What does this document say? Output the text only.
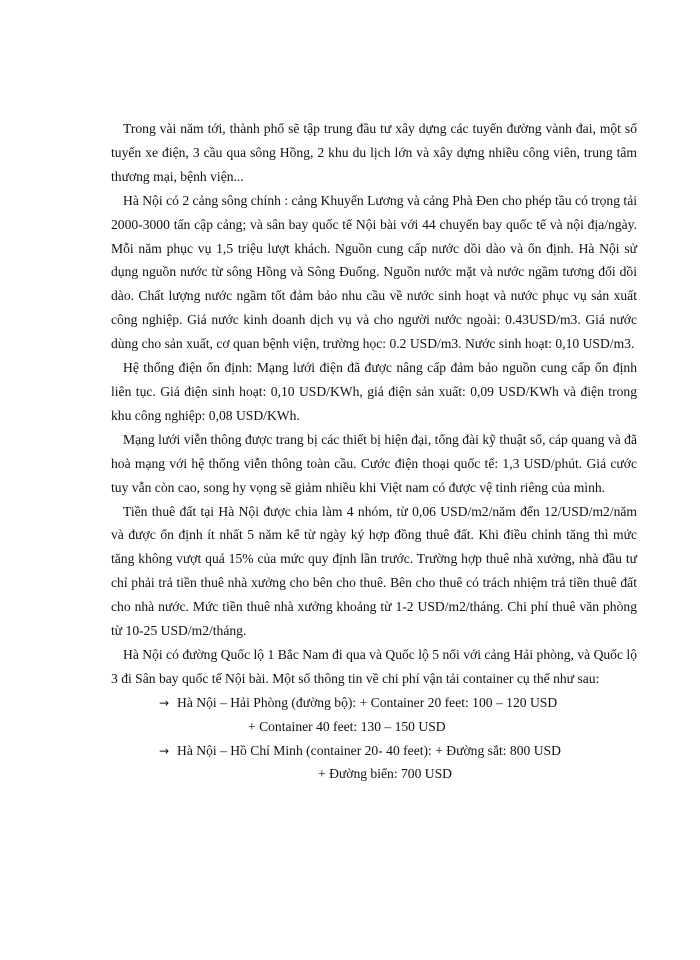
Trong vài năm tới, thành phố sẽ tập trung đầu tư xây dựng các tuyến đường vành đai, một số tuyến xe điện, 3 cầu qua sông Hồng, 2 khu du lịch lớn và xây dựng nhiều công viên, trung tâm thương mại, bệnh viện...

Hà Nội có 2 cảng sông chính : cảng Khuyến Lương và cảng Phà Đen cho phép tầu có trọng tải 2000-3000 tấn cập cảng; và sân bay quốc tế Nội bài với 44 chuyến bay quốc tế và nội địa/ngày. Mỗi năm phục vụ 1,5 triệu lượt khách. Nguồn cung cấp nước dồi dào và ổn định. Hà Nội sử dụng nguồn nước từ sông Hồng và Sông Đuống. Nguồn nước mặt và nước ngầm tương đối dồi dào. Chất lượng nước ngầm tốt đảm bảo nhu cầu về nước sinh hoạt và nước phục vụ sản xuất công nghiệp. Giá nước kinh doanh dịch vụ và cho người nước ngoài: 0.43USD/m3. Giá nước dùng cho sản xuất, cơ quan bệnh viện, trường học: 0.2 USD/m3. Nước sinh hoạt: 0,10 USD/m3.

Hệ thống điện ổn định: Mạng lưới điện đã được nâng cấp đảm bảo nguồn cung cấp ổn định liên tục. Giá điện sinh hoạt: 0,10 USD/KWh, giá điện sản xuất: 0,09 USD/KWh và điện trong khu công nghiệp: 0,08 USD/KWh.

Mạng lưới viễn thông được trang bị các thiết bị hiện đại, tổng đài kỹ thuật số, cáp quang và đã hoà mạng với hệ thống viễn thông toàn cầu. Cước điện thoại quốc tế: 1,3 USD/phút. Giá cước tuy vẫn còn cao, song hy vọng sẽ giảm nhiều khi Việt nam có được vệ tinh riêng của mình.

Tiền thuê đất tại Hà Nội được chia làm 4 nhóm, từ 0,06 USD/m2/năm đến 12/USD/m2/năm và được ổn định ít nhất 5 năm kể từ ngày ký hợp đồng thuê đất. Khi điều chỉnh tăng thì mức tăng không vượt quá 15% của mức quy định lần trước. Trường hợp thuê nhà xưởng, nhà đầu tư chỉ phải trả tiền thuê nhà xưởng cho bên cho thuê. Bên cho thuê có trách nhiệm trả tiền thuê đất cho nhà nước. Mức tiền thuê nhà xưởng khoảng từ 1-2 USD/m2/tháng. Chi phí thuê văn phòng từ 10-25 USD/m2/tháng.

Hà Nội có đường Quốc lộ 1 Bắc Nam đi qua và Quốc lộ 5 nối với cảng Hải phòng, và Quốc lộ 3 đi Sân bay quốc tế Nội bài. Một số thông tin về chi phí vận tải container cụ thể như sau:

→ Hà Nội – Hải Phòng (đường bộ): + Container 20 feet: 100 – 120 USD
+ Container 40 feet: 130 – 150 USD
→ Hà Nội – Hồ Chí Minh (container 20- 40 feet): + Đường sắt: 800 USD
+ Đường biển: 700 USD
